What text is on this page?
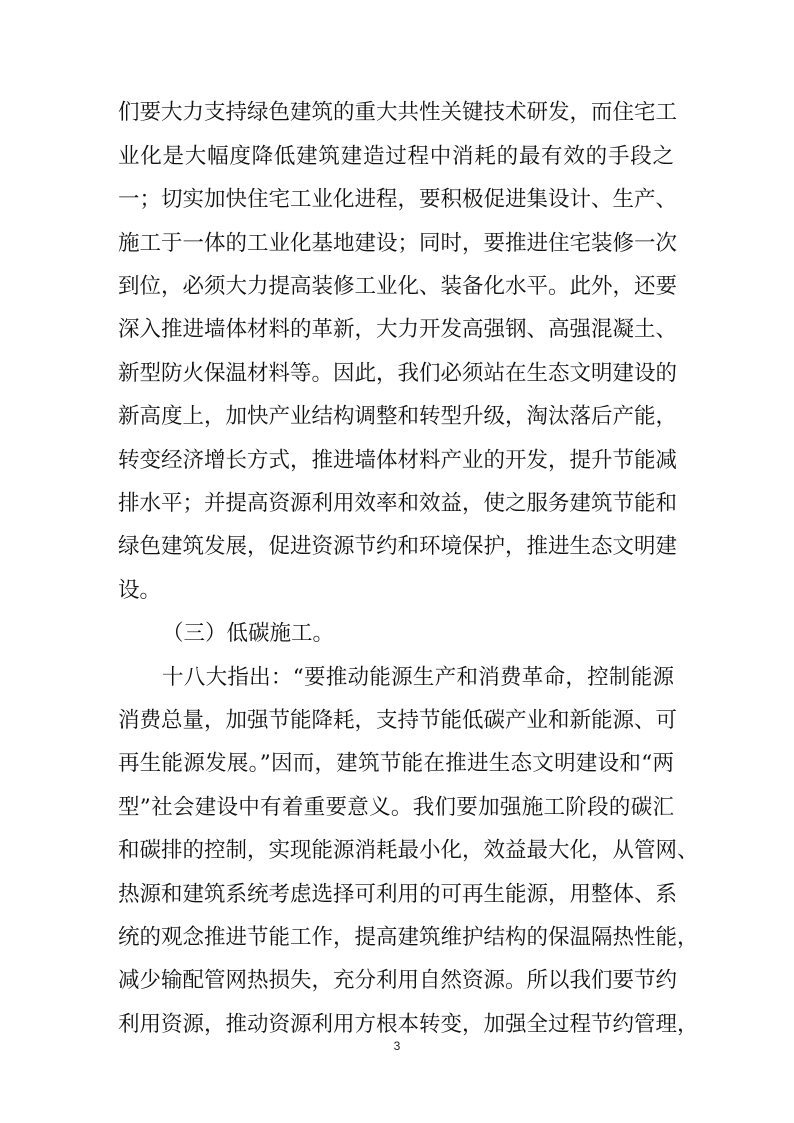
们要大力支持绿色建筑的重大共性关键技术研发，而住宅工
业化是大幅度降低建筑建造过程中消耗的最有效的手段之
一；切实加快住宅工业化进程，要积极促进集设计、生产、
施工于一体的工业化基地建设；同时，要推进住宅装修一次
到位，必须大力提高装修工业化、装备化水平。此外，还要
深入推进墙体材料的革新，大力开发高强钢、高强混凝土、
新型防火保温材料等。因此，我们必须站在生态文明建设的
新高度上，加快产业结构调整和转型升级，淘汰落后产能，
转变经济增长方式，推进墙体材料产业的开发，提升节能减
排水平；并提高资源利用效率和效益，使之服务建筑节能和
绿色建筑发展，促进资源节约和环境保护，推进生态文明建
设。
（三）低碳施工。
十八大指出：“要推动能源生产和消费革命，控制能源
消费总量，加强节能降耗，支持节能低碳产业和新能源、可
再生能源发展。”因而，建筑节能在推进生态文明建设和“两
型”社会建设中有着重要意义。我们要加强施工阶段的碳汇
和碳排的控制，实现能源消耗最小化，效益最大化，从管网、
热源和建筑系统考虑选择可利用的可再生能源，用整体、系
统的观念推进节能工作，提高建筑维护结构的保温隔热性能，
减少输配管网热损失，充分利用自然资源。所以我们要节约
利用资源，推动资源利用方根本转变，加强全过程节约管理，
3
